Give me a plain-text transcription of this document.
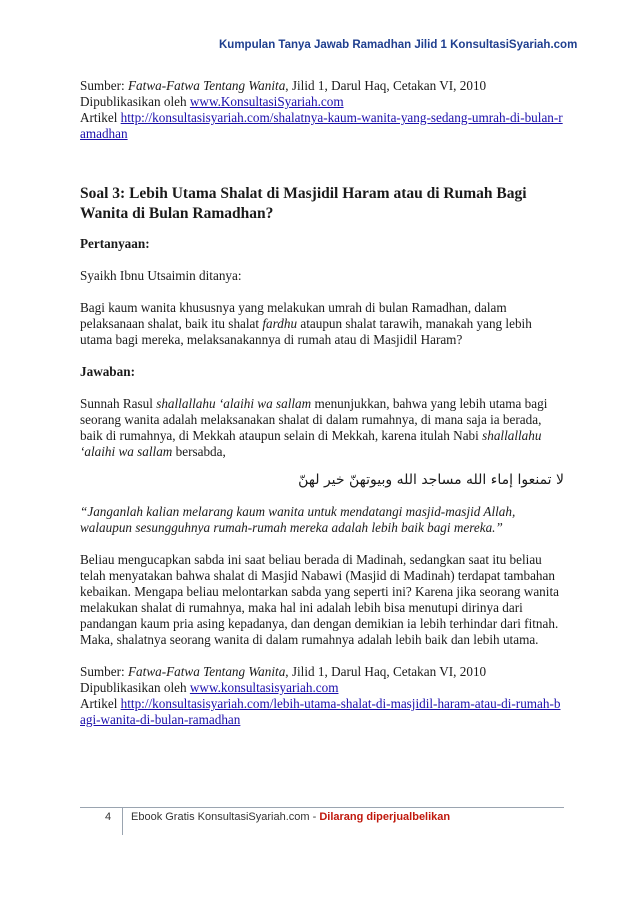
Kumpulan Tanya Jawab Ramadhan Jilid 1 KonsultasiSyariah.com

Sumber: Fatwa-Fatwa Tentang Wanita, Jilid 1, Darul Haq, Cetakan VI, 2010

Dipublikasikan oleh www.KonsultasiSyariah.com

Artikel http://konsultasisyariah.com/shalatnya-kaum-wanita-yang-sedang-umrah-di-bulan-ramadhan

Soal 3: Lebih Utama Shalat di Masjidil Haram atau di Rumah Bagi Wanita di Bulan Ramadhan?

Pertanyaan:

Syaikh Ibnu Utsaimin ditanya:

Bagi kaum wanita khususnya yang melakukan umrah di bulan Ramadhan, dalam pelaksanaan shalat, baik itu shalat fardhu ataupun shalat tarawih, manakah yang lebih utama bagi mereka, melaksanakannya di rumah atau di Masjidil Haram?

Jawaban:

Sunnah Rasul shallallahu ‘alaihi wa sallam menunjukkan, bahwa yang lebih utama bagi seorang wanita adalah melaksanakan shalat di dalam rumahnya, di mana saja ia berada, baik di rumahnya, di Mekkah ataupun selain di Mekkah, karena itulah Nabi shallallahu ‘alaihi wa sallam bersabda,

لا تمنعوا إماء الله مساجد الله وبيوتهنّ خير لهنّ

“Janganlah kalian melarang kaum wanita untuk mendatangi masjid-masjid Allah, walaupun sesungguhnya rumah-rumah mereka adalah lebih baik bagi mereka.”

Beliau mengucapkan sabda ini saat beliau berada di Madinah, sedangkan saat itu beliau telah menyatakan bahwa shalat di Masjid Nabawi (Masjid di Madinah) terdapat tambahan kebaikan. Mengapa beliau melontarkan sabda yang seperti ini? Karena jika seorang wanita melakukan shalat di rumahnya, maka hal ini adalah lebih bisa menutupi dirinya dari pandangan kaum pria asing kepadanya, dan dengan demikian ia lebih terhindar dari fitnah. Maka, shalatnya seorang wanita di dalam rumahnya adalah lebih baik dan lebih utama.

Sumber: Fatwa-Fatwa Tentang Wanita, Jilid 1, Darul Haq, Cetakan VI, 2010

Dipublikasikan oleh www.konsultasisyariah.com

Artikel http://konsultasisyariah.com/lebih-utama-shalat-di-masjidil-haram-atau-di-rumah-bagi-wanita-di-bulan-ramadhan

4 Ebook Gratis KonsultasiSyariah.com - Dilarang diperjualbelikan
